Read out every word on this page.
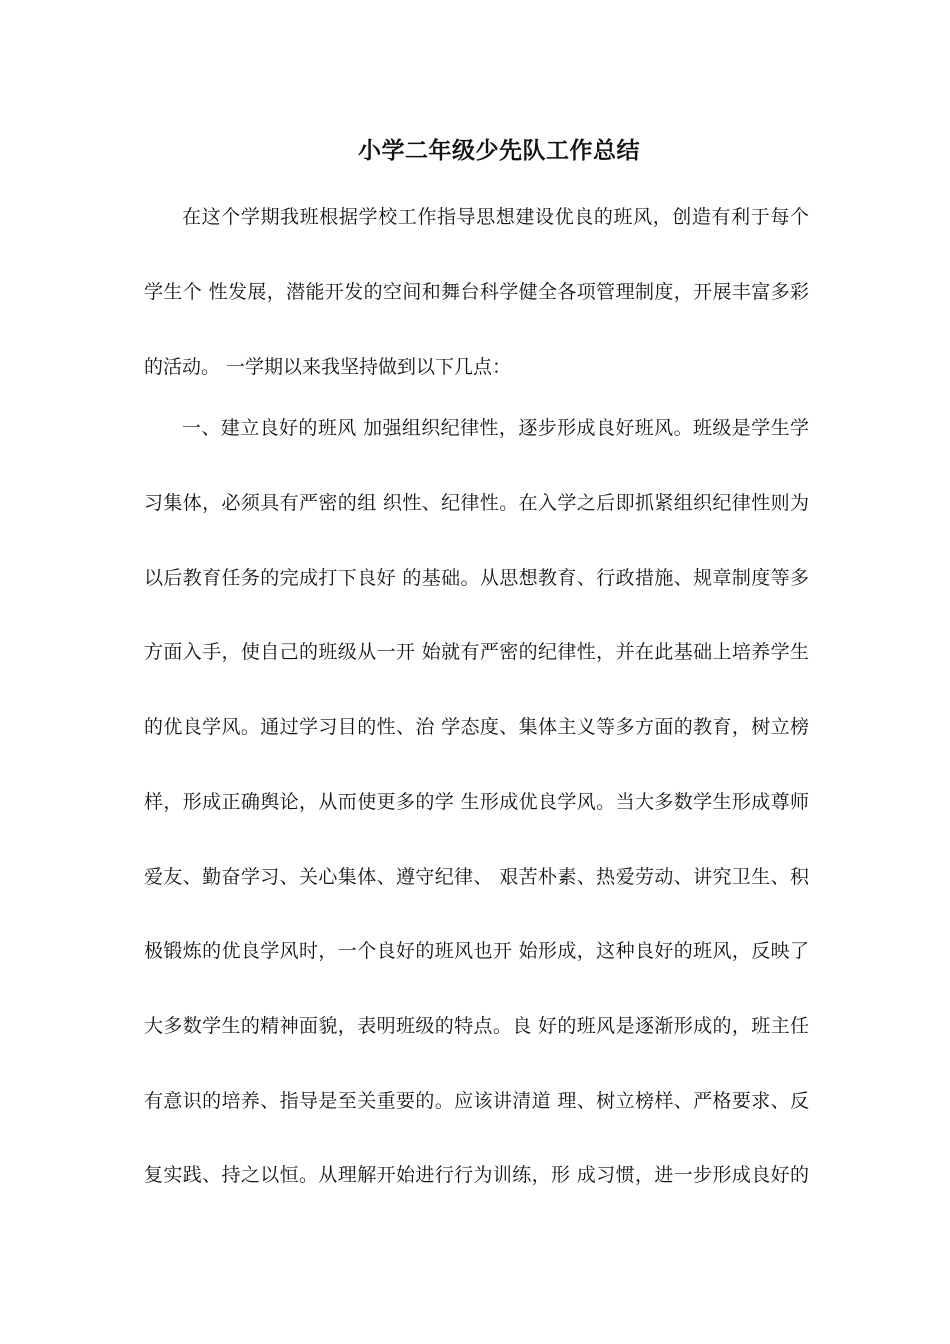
小学二年级少先队工作总结

在这个学期我班根据学校工作指导思想建设优良的班风，创造有利于每个

学生个 性发展，潜能开发的空间和舞台科学健全各项管理制度，开展丰富多彩

的活动。 一学期以来我坚持做到以下几点：

一、建立良好的班风 加强组织纪律性，逐步形成良好班风。班级是学生学

习集体，必须具有严密的组 织性、纪律性。在入学之后即抓紧组织纪律性则为

以后教育任务的完成打下良好 的基础。从思想教育、行政措施、规章制度等多

方面入手，使自己的班级从一开 始就有严密的纪律性，并在此基础上培养学生

的优良学风。通过学习目的性、治 学态度、集体主义等多方面的教育，树立榜

样，形成正确舆论，从而使更多的学 生形成优良学风。当大多数学生形成尊师

爱友、勤奋学习、关心集体、遵守纪律、 艰苦朴素、热爱劳动、讲究卫生、积

极锻炼的优良学风时，一个良好的班风也开 始形成，这种良好的班风，反映了

大多数学生的精神面貌，表明班级的特点。良 好的班风是逐渐形成的，班主任

有意识的培养、指导是至关重要的。应该讲清道 理、树立榜样、严格要求、反

复实践、持之以恒。从理解开始进行行为训练，形 成习惯，进一步形成良好的
